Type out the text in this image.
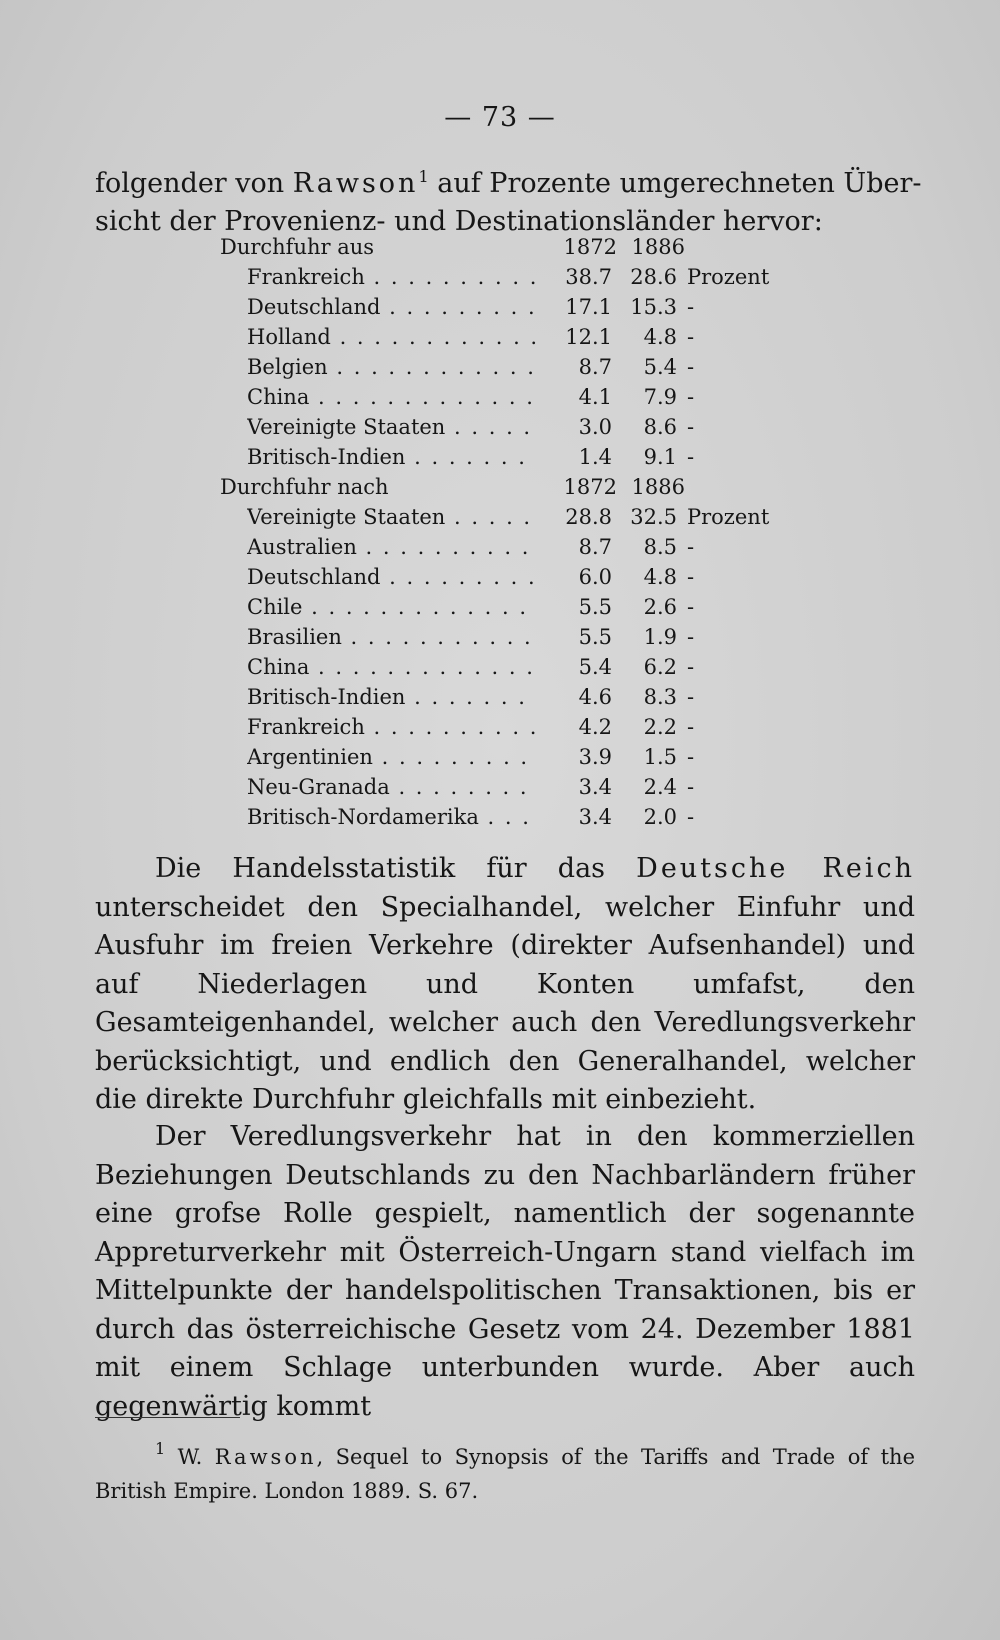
— 73 —
folgender von Rawson$^1$ auf Prozente umgerechneten Über-
sicht der Provenienz- und Destinationsländer hervor:
Durchfuhr aus	1872 1886
Frankreich . . .	38.7 28.6 Prozent
Deutschland . . .	17.1 15.3 -
Holland . . .	12.1	4.8 -
Belgien . . .	8.7	5.4 -
China . . .	4.1	7.9 -
Vereinigte Staaten . . .	3.0	8.6 -
Britisch-Indien . . .	1.4	9.1 -
Durchfuhr nach	1872 1886
Vereinigte Staaten . . .	28.8 32.5 Prozent
Australien . . .	8.7	8.5 -
Deutschland . . .	6.0	4.8 -
Chile . . .	5.5	2.6 -
Brasilien . . .	5.5	1.9 -
China . . .	5.4	6.2 -
Britisch-Indien . . .	4.6	8.3 -
Frankreich . . .	4.2	2.2 -
Argentinien . . .	3.9	1.5 -
Neu-Granada . . .	3.4	2.4 -
Britisch-Nordamerika . . .	3.4	2.0 -

Die Handelsstatistik für das Deutsche Reich unterscheidet den Specialhandel, welcher Einfuhr und Ausfuhr im freien Verkehre (direkter Aufsenhandel) und auf Niederlagen und Konten umfafst, den Gesamteigenhandel, welcher auch den Veredlungsverkehr berücksichtigt, und endlich den Generalhandel, welcher die direkte Durchfuhr gleichfalls mit einbezieht.

Der Veredlungsverkehr hat in den kommerziellen Beziehungen Deutschlands zu den Nachbarländern früher eine grofse Rolle gespielt, namentlich der sogenannte Appreturverkehr mit Österreich-Ungarn stand vielfach im Mittelpunkte der handelspolitischen Transaktionen, bis er durch das österreichische Gesetz vom 24. Dezember 1881 mit einem Schlage unterbunden wurde. Aber auch gegenwärtig kommt

$^1$ W. Rawson, Sequel to Synopsis of the Tariffs and Trade of the British Empire. London 1889. S. 67.
